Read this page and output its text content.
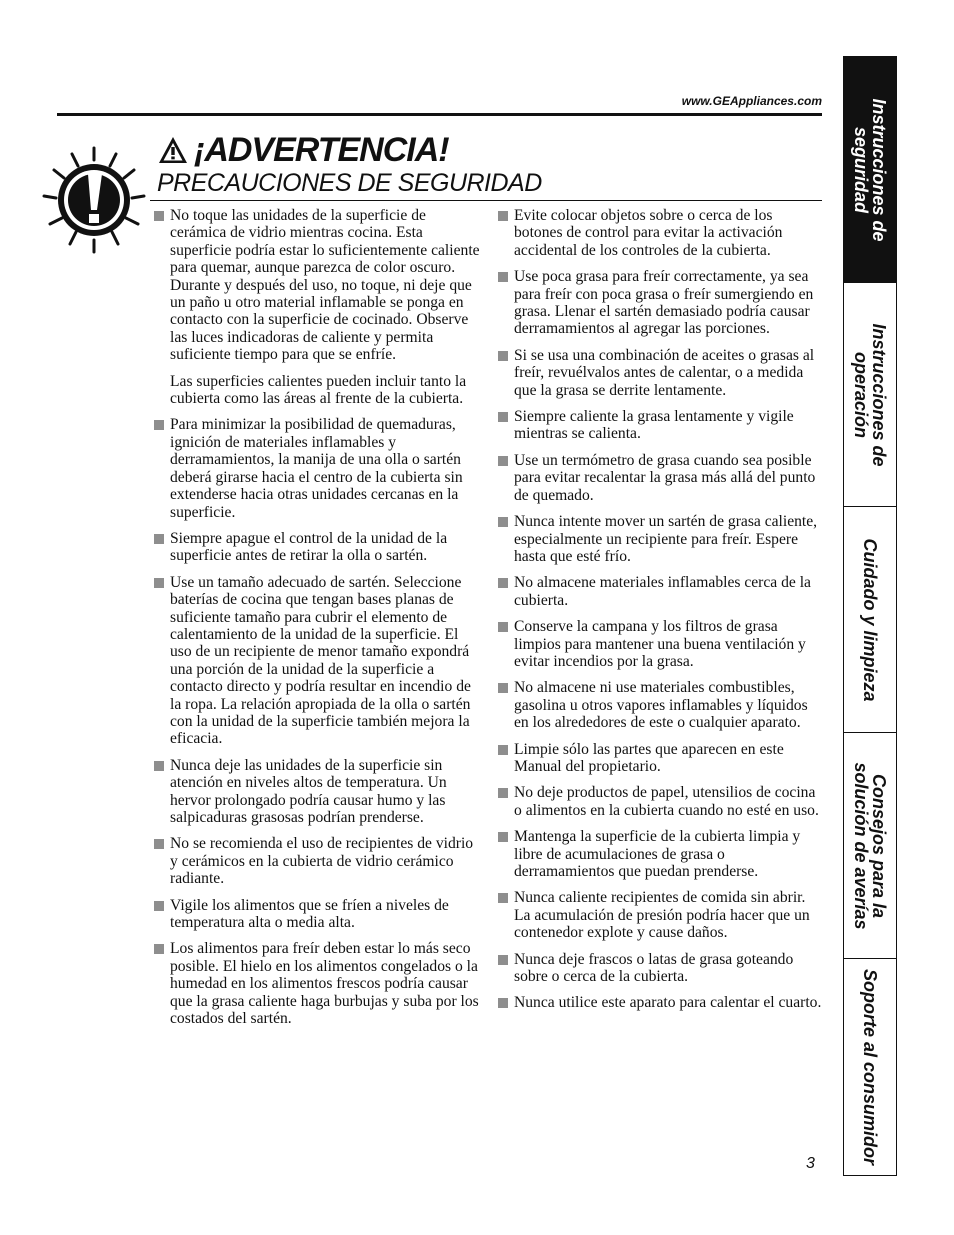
www.GEAppliances.com
¡ADVERTENCIA!
PRECAUCIONES DE SEGURIDAD
No toque las unidades de la superficie de cerámica de vidrio mientras cocina. Esta superficie podría estar lo suficientemente caliente para quemar, aunque parezca de color oscuro. Durante y después del uso, no toque, ni deje que un paño u otro material inflamable se ponga en contacto con la superficie de cocinado. Observe las luces indicadoras de caliente y permita suficiente tiempo para que se enfríe.
Las superficies calientes pueden incluir tanto la cubierta como las áreas al frente de la cubierta.
Para minimizar la posibilidad de quemaduras, ignición de materiales inflamables y derramamientos, la manija de una olla o sartén deberá girarse hacia el centro de la cubierta sin extenderse hacia otras unidades cercanas en la superficie.
Siempre apague el control de la unidad de la superficie antes de retirar la olla o sartén.
Use un tamaño adecuado de sartén. Seleccione baterías de cocina que tengan bases planas de suficiente tamaño para cubrir el elemento de calentamiento de la unidad de la superficie. El uso de un recipiente de menor tamaño expondrá una porción de la unidad de la superficie a contacto directo y podría resultar en incendio de la ropa. La relación apropiada de la olla o sartén con la unidad de la superficie también mejora la eficacia.
Nunca deje las unidades de la superficie sin atención en niveles altos de temperatura. Un hervor prolongado podría causar humo y las salpicaduras grasosas podrían prenderse.
No se recomienda el uso de recipientes de vidrio y cerámicos en la cubierta de vidrio cerámico radiante.
Vigile los alimentos que se fríen a niveles de temperatura alta o media alta.
Los alimentos para freír deben estar lo más seco posible. El hielo en los alimentos congelados o la humedad en los alimentos frescos podría causar que la grasa caliente haga burbujas y suba por los costados del sartén.
Evite colocar objetos sobre o cerca de los botones de control para evitar la activación accidental de los controles de la cubierta.
Use poca grasa para freír correctamente, ya sea para freír con poca grasa o freír sumergiendo en grasa. Llenar el sartén demasiado podría causar derramamientos al agregar las porciones.
Si se usa una combinación de aceites o grasas al freír, revuélvalos antes de calentar, o a medida que la grasa se derrite lentamente.
Siempre caliente la grasa lentamente y vigile mientras se calienta.
Use un termómetro de grasa cuando sea posible para evitar recalentar la grasa más allá del punto de quemado.
Nunca intente mover un sartén de grasa caliente, especialmente un recipiente para freír. Espere hasta que esté frío.
No almacene materiales inflamables cerca de la cubierta.
Conserve la campana y los filtros de grasa limpios para mantener una buena ventilación y evitar incendios por la grasa.
No almacene ni use materiales combustibles, gasolina u otros vapores inflamables y líquidos en los alrededores de este o cualquier aparato.
Limpie sólo las partes que aparecen en este Manual del propietario.
No deje productos de papel, utensilios de cocina o alimentos en la cubierta cuando no esté en uso.
Mantenga la superficie de la cubierta limpia y libre de acumulaciones de grasa o derramamientos que puedan prenderse.
Nunca caliente recipientes de comida sin abrir. La acumulación de presión podría hacer que un contenedor explote y cause daños.
Nunca deje frascos o latas de grasa goteando sobre o cerca de la cubierta.
Nunca utilice este aparato para calentar el cuarto.
3
Instrucciones de
seguridad
Instrucciones de
operación
Cuidado y limpieza
Consejos para la
solución de averías
Soporte al consumidor
